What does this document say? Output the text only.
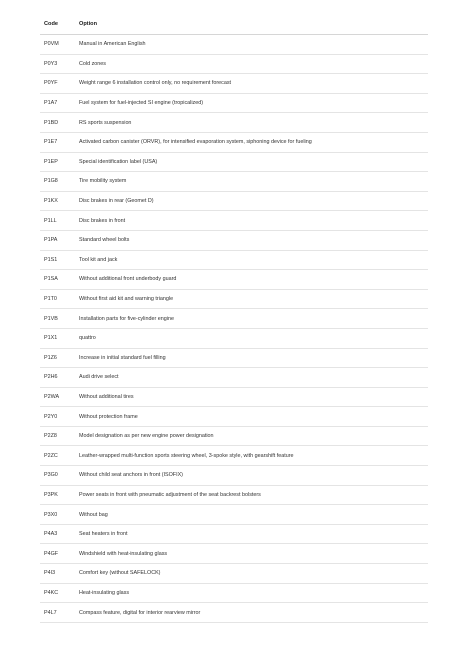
Code	Option
P0VM	Manual in American English
P0Y3	Cold zones
P0YF	Weight range 6 installation control only, no requirement forecast
P1A7	Fuel system for fuel-injected SI engine (tropicalized)
P1BD	RS sports suspension
P1E7	Activated carbon canister (ORVR), for intensified evaporation system, siphoning device for fueling
P1EP	Special identification label (USA)
P1G8	Tire mobility system
P1KX	Disc brakes in rear (Geomet D)
P1LL	Disc brakes in front
P1PA	Standard wheel bolts
P1S1	Tool kit and jack
P1SA	Without additional front underbody guard
P1T0	Without first aid kit and warning triangle
P1VB	Installation parts for five-cylinder engine
P1X1	quattro
P1Z6	Increase in initial standard fuel filling
P2H6	Audi drive select
P2WA	Without additional tires
P2Y0	Without protection frame
P2Z8	Model designation as per new engine power designation
P2ZC	Leather-wrapped multi-function sports steering wheel, 3-spoke style, with gearshift feature
P3G0	Without child seat anchors in front (ISOFIX)
P3PK	Power seats in front with pneumatic adjustment of the seat backrest bolsters
P3X0	Without bag
P4A3	Seat heaters in front
P4GF	Windshield with heat-insulating glass
P4I3	Comfort key (without SAFELOCK)
P4KC	Heat-insulating glass
P4L7	Compass feature, digital for interior rearview mirror
